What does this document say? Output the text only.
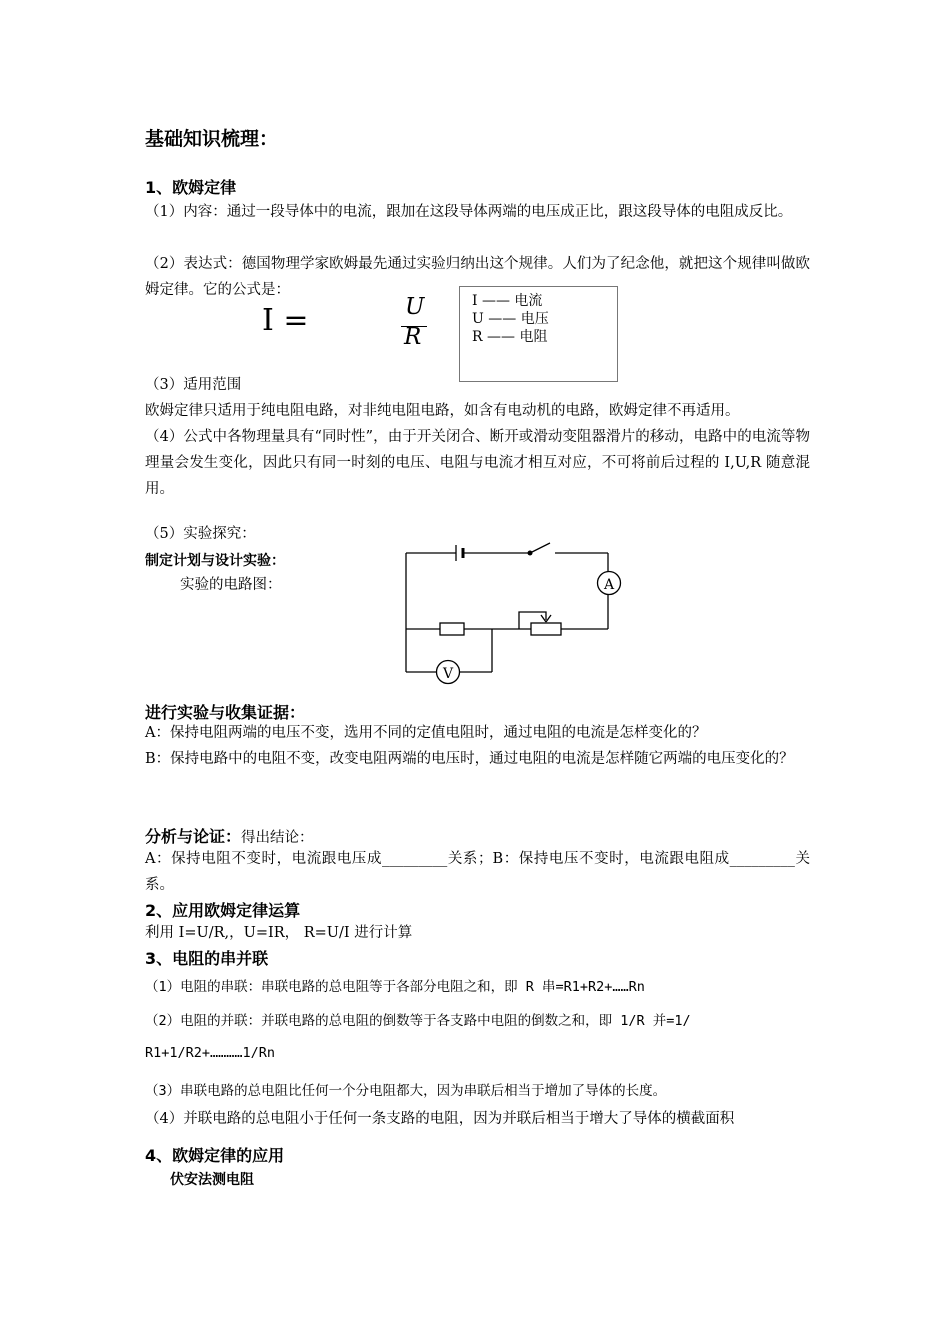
基础知识梳理：
1、欧姆定律
（1）内容：通过一段导体中的电流，跟加在这段导体两端的电压成正比，跟这段导体的电阻成反比。
（2）表达式：德国物理学家欧姆最先通过实验归纳出这个规律。人们为了纪念他，就把这个规律叫做欧姆定律。它的公式是：
I =	U
R
I —— 电流
U —— 电压
R —— 电阻
（3）适用范围
欧姆定律只适用于纯电阻电路，对非纯电阻电路，如含有电动机的电路，欧姆定律不再适用。
（4）公式中各物理量具有“同时性”，由于开关闭合、断开或滑动变阻器滑片的移动，电路中的电流等物理量会发生变化，因此只有同一时刻的电压、电阻与电流才相互对应，不可将前后过程的 I,U,R 随意混用。
（5）实验探究：
制定计划与设计实验：
实验的电路图：	A
V
进行实验与收集证据：
A：保持电阻两端的电压不变，选用不同的定值电阻时，通过电阻的电流是怎样变化的？
B：保持电路中的电阻不变，改变电阻两端的电压时，通过电阻的电流是怎样随它两端的电压变化的？
分析与论证：得出结论：
A：保持电阻不变时，电流跟电压成_________关系；B：保持电压不变时，电流跟电阻成_________关系。
2、应用欧姆定律运算
利用 I=U/R,，U=IR， R=U/I 进行计算
3、电阻的串并联
（1）电阻的串联：串联电路的总电阻等于各部分电阻之和，即 R 串=R1+R2+……Rn
（2）电阻的并联：并联电路的总电阻的倒数等于各支路中电阻的倒数之和，即 1/R 并=1/
R1+1/R2+…………1/Rn
（3）串联电路的总电阻比任何一个分电阻都大，因为串联后相当于增加了导体的长度。
（4）并联电路的总电阻小于任何一条支路的电阻，因为并联后相当于增大了导体的横截面积
4、欧姆定律的应用
伏安法测电阻
